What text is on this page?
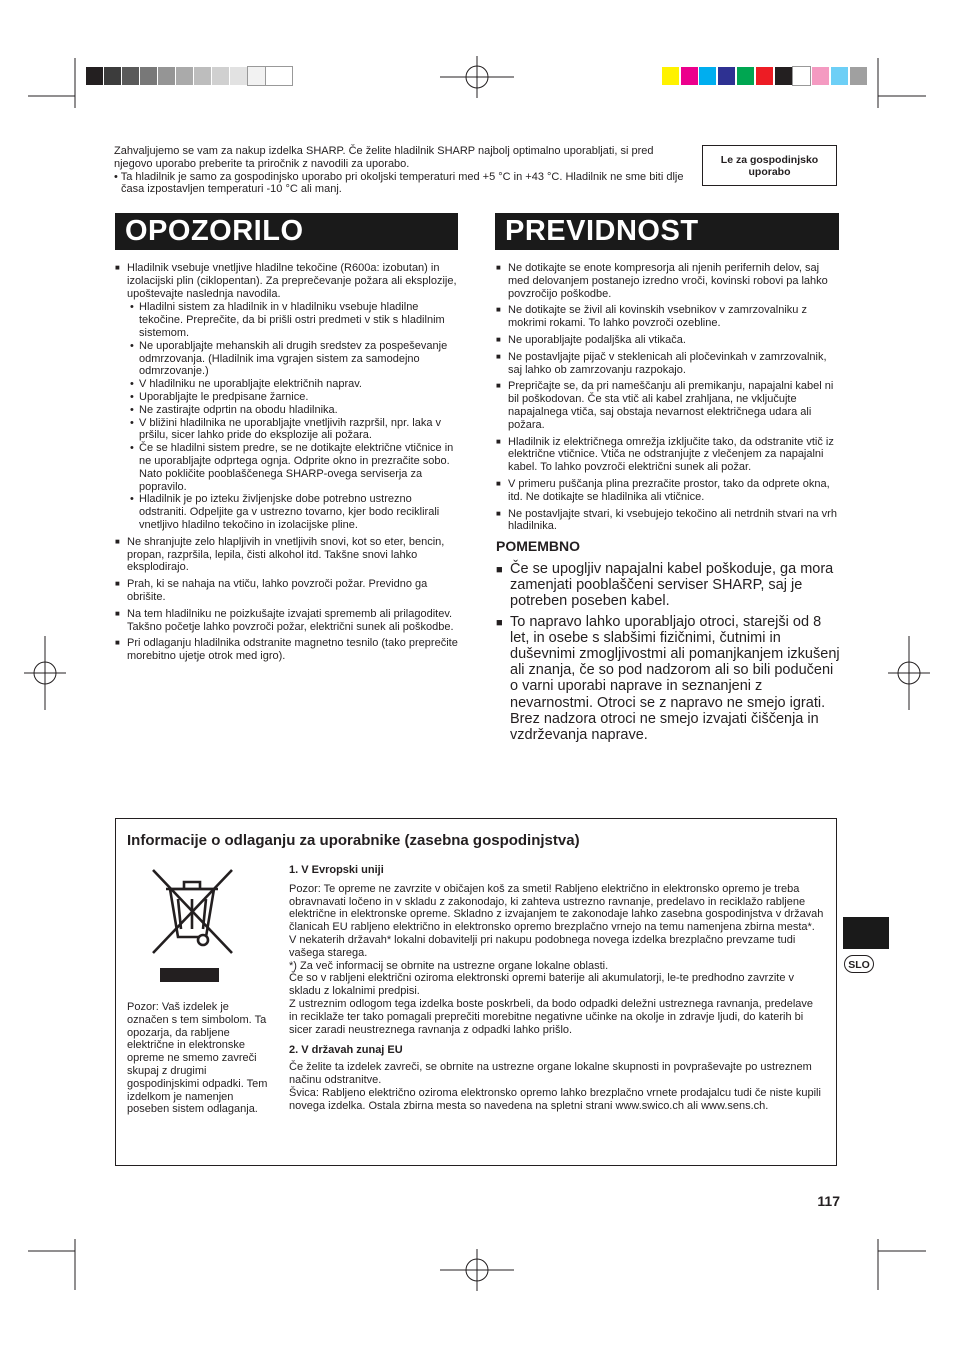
Zahvaljujemo se vam za nakup izdelka SHARP. Če želite hladilnik SHARP najbolj optimalno uporabljati, si pred njegovo uporabo preberite ta priročnik z navodili za uporabo.

• Ta hladilnik je samo za gospodinjsko uporabo pri okoljski temperaturi med +5 °C in +43 °C. Hladilnik ne sme biti dlje časa izpostavljen temperaturi -10 °C ali manj.

Le za gospodinjsko uporabo
OPOZORILO
■ Hladilnik vsebuje vnetljive hladilne tekočine (R600a: izobutan) in izolacijski plin (ciklopentan). Za preprečevanje požara ali eksplozije, upoštevajte naslednja navodila.
• Hladilni sistem za hladilnik in v hladilniku vsebuje hladilne tekočine. Preprečite, da bi prišli ostri predmeti v stik s hladilnim sistemom.
• Ne uporabljajte mehanskih ali drugih sredstev za pospeševanje odmrzovanja. (Hladilnik ima vgrajen sistem za samodejno odmrzovanje.)
• V hladilniku ne uporabljajte električnih naprav.
• Uporabljajte le predpisane žarnice.
• Ne zastirajte odprtin na obodu hladilnika.
• V bližini hladilnika ne uporabljajte vnetljivih razpršil, npr. laka v pršilu, sicer lahko pride do eksplozije ali požara.
• Če se hladilni sistem predre, se ne dotikajte električne vtičnice in ne uporabljajte odprtega ognja. Odprite okno in prezračite sobo. Nato pokličite pooblaščenega SHARP-ovega serviserja za popravilo.
• Hladilnik je po izteku življenjske dobe potrebno ustrezno odstraniti. Odpeljite ga v ustrezno tovarno, kjer bodo reciklirali vnetljivo hladilno tekočino in izolacijske pline.
■ Ne shranjujte zelo hlapljivih in vnetljivih snovi, kot so eter, bencin, propan, razpršila, lepila, čisti alkohol itd. Takšne snovi lahko eksplodirajo.
■ Prah, ki se nahaja na vtiču, lahko povzroči požar. Previdno ga obrišite.
■ Na tem hladilniku ne poizkušajte izvajati sprememb ali prilagoditev. Takšno početje lahko povzroči požar, električni sunek ali poškodbe.
■ Pri odlaganju hladilnika odstranite magnetno tesnilo (tako preprečite morebitno ujetje otrok med igro).
PREVIDNOST
■ Ne dotikajte se enote kompresorja ali njenih perifernih delov, saj med delovanjem postanejo izredno vroči, kovinski robovi pa lahko povzročijo poškodbe.
■ Ne dotikajte se živil ali kovinskih vsebnikov v zamrzovalniku z mokrimi rokami. To lahko povzroči ozebline.
■ Ne uporabljajte podaljška ali vtikača.
■ Ne postavljajte pijač v steklenicah ali pločevinkah v zamrzovalnik, saj lahko ob zamrzovanju razpokajo.
■ Prepričajte se, da pri nameščanju ali premikanju, napajalni kabel ni bil poškodovan. Če sta vtič ali kabel zrahljana, ne vključujte napajalnega vtiča, saj obstaja nevarnost električnega udara ali požara.
■ Hladilnik iz električnega omrežja izključite tako, da odstranite vtič iz električne vtičnice. Vtiča ne odstranjujte z vlečenjem za napajalni kabel. To lahko povzroči električni sunek ali požar.
■ V primeru puščanja plina prezračite prostor, tako da odprete okna, itd. Ne dotikajte se hladilnika ali vtičnice.
■ Ne postavljajte stvari, ki vsebujejo tekočino ali netrdnih stvari na vrh hladilnika.
POMEMBNO
■ Če se upogljiv napajalni kabel poškoduje, ga mora zamenjati pooblaščeni serviser SHARP, saj je potreben poseben kabel.
■ To napravo lahko uporabljajo otroci, starejši od 8 let, in osebe s slabšimi fizičnimi, čutnimi in duševnimi zmogljivostmi ali pomanjkanjem izkušenj ali znanja, če so pod nadzorom ali so bili podučeni o varni uporabi naprave in seznanjeni z nevarnostmi. Otroci se z napravo ne smejo igrati. Brez nadzora otroci ne smejo izvajati čiščenja in vzdrževanja naprave.
Informacije o odlaganju za uporabnike (zasebna gospodinjstva)
Pozor: Vaš izdelek je označen s tem simbolom. Ta opozarja, da rabljene električne in elektronske opreme ne smemo zavreči skupaj z drugimi gospodinjskimi odpadki. Tem izdelkom je namenjen poseben sistem odlaganja.
1. V Evropski uniji
Pozor: Te opreme ne zavrzite v običajen koš za smeti! Rabljeno električno in elektronsko opremo je treba obravnavati ločeno in v skladu z zakonodajo, ki zahteva ustrezno ravnanje, predelavo in reciklažo rabljene električne in elektronske opreme. Skladno z izvajanjem te zakonodaje lahko zasebna gospodinjstva v državah članicah EU rabljeno električno in elektronsko opremo brezplačno vrnejo na temu namenjena zbirna mesta*. V nekaterih državah* lokalni dobavitelji pri nakupu podobnega novega izdelka brezplačno prevzame tudi vašega starega.
*) Za več informacij se obrnite na ustrezne organe lokalne oblasti.
Če so v rabljeni električni oziroma elektronski opremi baterije ali akumulatorji, le-te predhodno zavrzite v skladu z lokalnimi predpisi.
Z ustreznim odlogom tega izdelka boste poskrbeli, da bodo odpadki deležni ustreznega ravnanja, predelave in reciklaže ter tako pomagali preprečiti morebitne negativne učinke na okolje in zdravje ljudi, do katerih bi sicer zaradi neustreznega ravnanja z odpadki lahko prišlo.
2. V državah zunaj EU
Če želite ta izdelek zavreči, se obrnite na ustrezne organe lokalne skupnosti in povpraševajte po ustreznem načinu odstranitve.
Švica: Rabljeno električno oziroma elektronsko opremo lahko brezplačno vrnete prodajalcu tudi če niste kupili novega izdelka. Ostala zbirna mesta so navedena na spletni strani www.swico.ch ali www.sens.ch.
SLO
117
